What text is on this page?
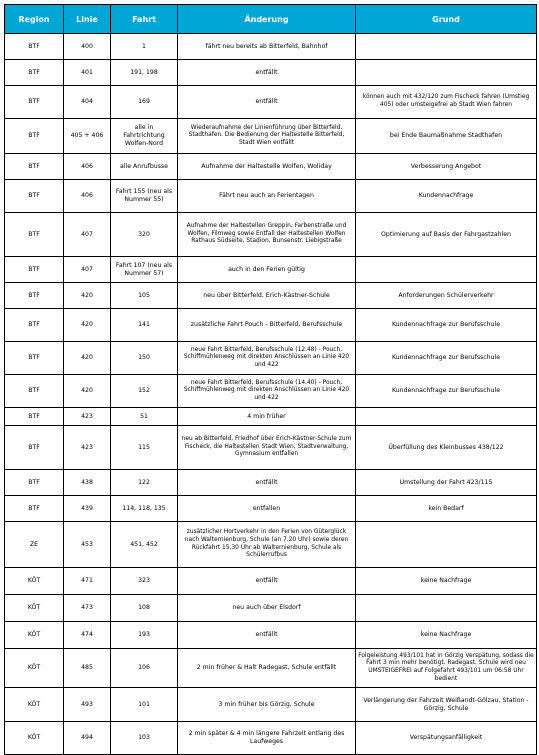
Region	Linie	Fahrt	Änderung	Grund
BTF	400	1	fährt neu bereits ab Bitterfeld, Bahnhof	
BTF	401	191, 198	entfällt	
BTF	404	169	entfällt	können auch mit 432/120 zum Fischeck fahren (Umstieg 405) oder umsteigefrei ab Stadt Wien fahren
BTF	405 + 406	alle in Fahrtrichtung Wolfen-Nord	Wiederaufnahme der Linienführung über Bitterfeld, Stadthafen. Die Bedienung der Haltestelle Bitterfeld, Stadt Wien entfällt	bei Ende Baumaßnahme Stadthafen
BTF	406	alle Anrufbusse	Aufnahme der Haltestelle Wolfen, Woliday	Verbesserung Angebot
BTF	406	Fahrt 155 (neu als Nummer 55)	Fährt neu auch an Ferientagen	Kundennachfrage
BTF	407	320	Aufnahme der Haltestellen Greppin, Farbenstraße und Wolfen, Filmweg sowie Entfall der Haltestellen Wolfen Rathaus Südseite, Stadion, Bunsenstr. Liebigstraße	Optimierung auf Basis der Fahrgastzahlen
BTF	407	Fahrt 107 (neu als Nummer 57)	auch in den Ferien gültig	
BTF	420	105	neu über Bitterfeld, Erich-Kästner-Schule	Anforderungen Schülerverkehr
BTF	420	141	zusätzliche Fahrt Pouch - Bitterfeld, Berufsschule	Kundennachfrage zur Berufsschule
BTF	420	150	neue Fahrt Bitterfeld, Berufsschule (12.48) - Pouch, Schiffmühlenweg mit direkten Anschlüssen an Linie 420 und 422	Kundennachfrage zur Berufsschule
BTF	420	152	neue Fahrt Bitterfeld, Berufsschule (14.40) - Pouch, Schiffmühlenweg mit direkten Anschlüssen an Linie 420 und 422	Kundennachfrage zur Berufsschule
BTF	423	51	4 min früher	
BTF	423	115	neu ab Bitterfeld, Friedhof über Erich-Kästner-Schule zum Fischeck, die Haltestellen Stadt Wien, Stadtverwaltung, Gymnasium entfallen	Überfüllung des Kleinbusses 438/122
BTF	438	122	entfällt	Umstellung der Fahrt 423/115
BTF	439	114, 118, 135	entfallen	kein Bedarf
ZE	453	451, 452	zusätzlicher Hortverkehr in den Ferien von Güterglück nach Walternienburg, Schule (an 7.20 Uhr) sowie deren Rückfahrt 15.30 Uhr ab Walternienburg, Schule als Schülerrufbus	
KÖT	471	323	entfällt	keine Nachfrage
KÖT	473	108	neu auch über Elsdorf	
KÖT	474	193	entfällt	keine Nachfrage
KÖT	485	106	2 min früher & Halt Radegast, Schule entfällt	Folgeleistung 493/101 hat in Görzig Verspätung, sodass die Fahrt 3 min mehr benötigt. Radegast, Schule wird neu UMSTEIGEFREI auf Folgefahrt 493/101 um 06:58 Uhr bedient
KÖT	493	101	3 min früher bis Görzig, Schule	Verlängerung der Fahrzeit Weißandt-Gölzau, Station - Görzig, Schule
KÖT	494	103	2 min später & 4 min längere Fahrzeit entlang des Laufweges	Verspätungsanfälligkeit
